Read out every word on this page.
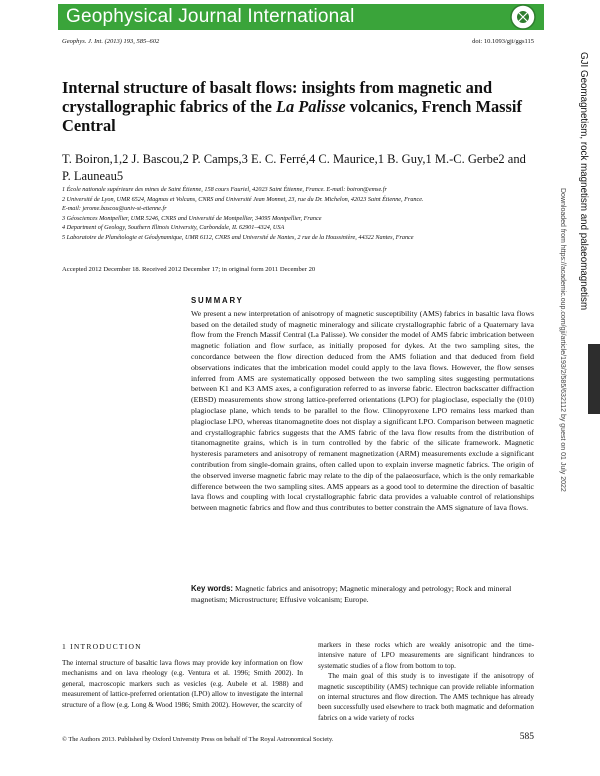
Geophysical Journal International
Geophys. J. Int. (2013) 193, 585–602	doi: 10.1093/gji/ggs115
Internal structure of basalt flows: insights from magnetic and crystallographic fabrics of the La Palisse volcanics, French Massif Central
T. Boiron,1,2 J. Bascou,2 P. Camps,3 E. C. Ferré,4 C. Maurice,1 B. Guy,1 M.-C. Gerbe2 and P. Launeau5
1 École nationale supérieure des mines de Saint Étienne, 158 cours Fauriel, 42023 Saint Étienne, France. E-mail: boiron@emse.fr
2 Université de Lyon, UMR 6524, Magmas et Volcans, CNRS and Université Jean Monnet, 23, rue du Dr. Michelon, 42023 Saint Étienne, France.
E-mail: jerome.bascou@univ-st-etienne.fr
3 Géosciences Montpellier, UMR 5246, CNRS and Université de Montpellier, 34095 Montpellier, France
4 Department of Geology, Southern Illinois University, Carbondale, IL 62901–4324, USA
5 Laboratoire de Planétologie et Géodynamique, UMR 6112, CNRS and Université de Nantes, 2 rue de la Houssinière, 44322 Nantes, France
Accepted 2012 December 18. Received 2012 December 17; in original form 2011 December 20
SUMMARY
We present a new interpretation of anisotropy of magnetic susceptibility (AMS) fabrics in basaltic lava flows based on the detailed study of magnetic mineralogy and silicate crystallographic fabric of a Quaternary lava flow from the French Massif Central (La Palisse). We consider the model of AMS fabric imbrication between magnetic foliation and flow surface, as initially proposed for dykes. At the two sampling sites, the concordance between the flow direction deduced from the AMS foliation and that deduced from field observations indicates that the imbrication model could apply to the lava flows. However, the flow senses inferred from AMS are systematically opposed between the two sampling sites suggesting permutations between K1 and K3 AMS axes, a configuration referred to as inverse fabric. Electron backscatter diffraction (EBSD) measurements show strong lattice-preferred orientations (LPO) for plagioclase, especially the (010) plagioclase plane, which tends to be parallel to the flow. Clinopyroxene LPO remains less marked than plagioclase LPO, whereas titanomagnetite does not display a significant LPO. Comparison between magnetic and crystallographic fabrics suggests that the AMS fabric of the lava flow results from the distribution of titanomagnetite grains, which is in turn controlled by the fabric of the silicate framework. Magnetic hysteresis parameters and anisotropy of remanent magnetization (ARM) measurements exclude a significant contribution from single-domain grains, often called upon to explain inverse magnetic fabrics. The origin of the observed inverse magnetic fabric may relate to the dip of the palaeosurface, which is the only remarkable difference between the two sampling sites. AMS appears as a good tool to determine the direction of basaltic lava flows and coupling with local crystallographic fabric data provides a valuable control of relationships between magnetic fabrics and flow and thus contributes to better constrain the AMS signature of lava flows.
Key words: Magnetic fabrics and anisotropy; Magnetic mineralogy and petrology; Rock and mineral magnetism; Microstructure; Effusive volcanism; Europe.
1 INTRODUCTION

The internal structure of basaltic lava flows may provide key information on flow mechanisms and on lava rheology (e.g. Ventura et al. 1996; Smith 2002). In general, macroscopic markers such as vesicles (e.g. Aubele et al. 1988) and measurement of lattice-preferred orientation (LPO) allow to investigate the internal structure of a flow (e.g. Long & Wood 1986; Smith 2002). However, the scarcity of

markers in these rocks which are weakly anisotropic and the time-intensive nature of LPO measurements are significant hindrances to systematic studies of a flow from bottom to top.

The main goal of this study is to investigate if the anisotropy of magnetic susceptibility (AMS) technique can provide reliable information on internal structures and flow direction. The AMS technique has already been successfully used elsewhere to track both magmatic and deformation fabrics on a wide variety of rocks

© The Authors 2013. Published by Oxford University Press on behalf of The Royal Astronomical Society.	585
GJI Geomagnetism, rock magnetism and palaeomagnetism
Downloaded from https://academic.oup.com/gji/article/193/2/585/632112 by guest on 01 July 2022
